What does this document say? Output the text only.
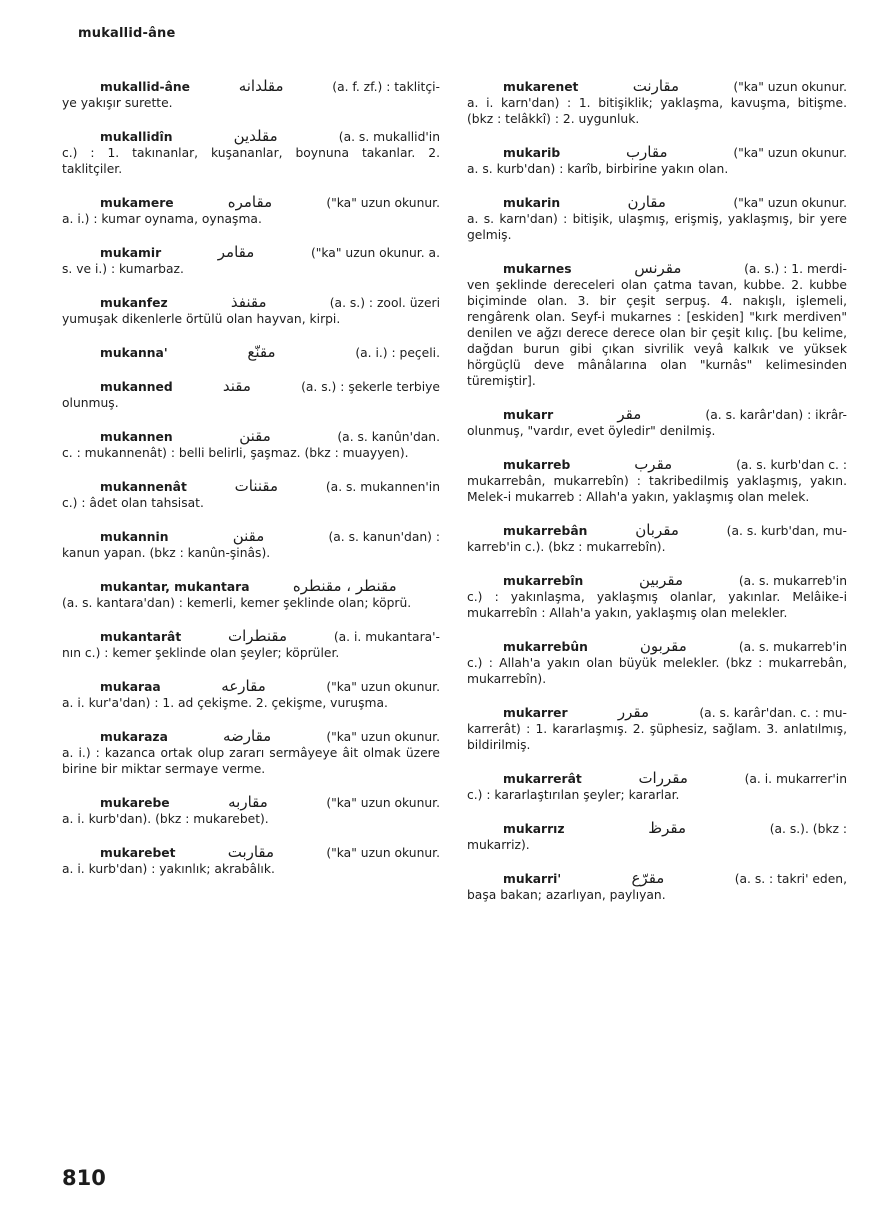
mukallid-âne
mukallid-âne	مقلدانه	(a. f. zf.) : taklitçi-
ye yakışır surette.
mukallidîn	مقلدين	(a. s. mukallid'in
c.) : 1. takınanlar, kuşananlar, boynuna takanlar. 2. taklitçiler.
mukamere	مقامره	("ka" uzun okunur.
a. i.) : kumar oynama, oynaşma.
mukamir	مقامر	("ka" uzun okunur. a.
s. ve i.) : kumarbaz.
mukanfez	مقنفذ	(a. s.) : zool. üzeri
yumuşak dikenlerle örtülü olan hayvan, kirpi.
mukanna'	مقنّع	(a. i.) : peçeli.
mukanned	مقند	(a. s.) : şekerle terbiye
olunmuş.
mukannen	مقنن	(a. s. kanûn'dan.
c. : mukannenât) : belli belirli, şaşmaz. (bkz : muayyen).
mukannenât	مقننات	(a. s. mukannen'in
c.) : âdet olan tahsisat.
mukannin	مقنن	(a. s. kanun'dan) :
kanun yapan. (bkz : kanûn-şinâs).
mukantar, mukantara	مقنطر ، مقنطره
(a. s. kantara'dan) : kemerli, kemer şeklinde olan; köprü.
mukantarât	مقنطرات	(a. i. mukantara'-
nın c.) : kemer şeklinde olan şeyler; köprüler.
mukaraa	مقارعه	("ka" uzun okunur.
a. i. kur'a'dan) : 1. ad çekişme. 2. çekişme, vuruşma.
mukaraza	مقارضه	("ka" uzun okunur.
a. i.) : kazanca ortak olup zararı sermâyeye âit olmak üzere birine bir miktar sermaye verme.
mukarebe	مقاربه	("ka" uzun okunur.
a. i. kurb'dan). (bkz : mukarebet).
mukarebet	مقاربت	("ka" uzun okunur.
a. i. kurb'dan) : yakınlık; akrabâlık.
mukarenet	مقارنت	("ka" uzun okunur.
a. i. karn'dan) : 1. bitişiklik; yaklaşma, kavuşma, bitişme. (bkz : telâkkî) : 2. uygunluk.
mukarib	مقارب	("ka" uzun okunur.
a. s. kurb'dan) : karîb, birbirine yakın olan.
mukarin	مقارن	("ka" uzun okunur.
a. s. karn'dan) : bitişik, ulaşmış, erişmiş, yaklaşmış, bir yere gelmiş.
mukarnes	مقرنس	(a. s.) : 1. merdi-
ven şeklinde dereceleri olan çatma tavan, kubbe. 2. kubbe biçiminde olan. 3. bir çeşit serpuş. 4. nakışlı, işlemeli, rengârenk olan. Seyf-i mukarnes : [eskiden] "kırk merdiven" denilen ve ağzı derece derece olan bir çeşit kılıç. [bu kelime, dağdan burun gibi çıkan sivrilik veyâ kalkık ve yüksek hörgüçlü deve mânâlarına olan "kurnâs" kelimesinden türemiştir].
mukarr	مقر	(a. s. karâr'dan) : ikrâr-
olunmuş, "vardır, evet öyledir" denilmiş.
mukarreb	مقرب	(a. s. kurb'dan c. :
mukarrebân, mukarrebîn) : takribedilmiş yaklaşmış, yakın. Melek-i mukarreb : Allah'a yakın, yaklaşmış olan melek.
mukarrebân	مقربان	(a. s. kurb'dan, mu-
karreb'in c.). (bkz : mukarrebîn).
mukarrebîn	مقربين	(a. s. mukarreb'in
c.) : yakınlaşma, yaklaşmış olanlar, yakınlar. Melâike-i mukarrebîn : Allah'a yakın, yaklaşmış olan melekler.
mukarrebûn	مقربون	(a. s. mukarreb'in
c.) : Allah'a yakın olan büyük melekler. (bkz : mukarrebân, mukarrebîn).
mukarrer	مقرر	(a. s. karâr'dan. c. : mu-
karrerât) : 1. kararlaşmış. 2. şüphesiz, sağlam. 3. anlatılmış, bildirilmiş.
mukarrerât	مقررات	(a. i. mukarrer'in
c.) : kararlaştırılan şeyler; kararlar.
mukarrız	مقرظ	(a. s.). (bkz :
mukarriz).
mukarri'	مقرّع	(a. s. : takri' eden,
başa bakan; azarlıyan, paylıyan.
810
